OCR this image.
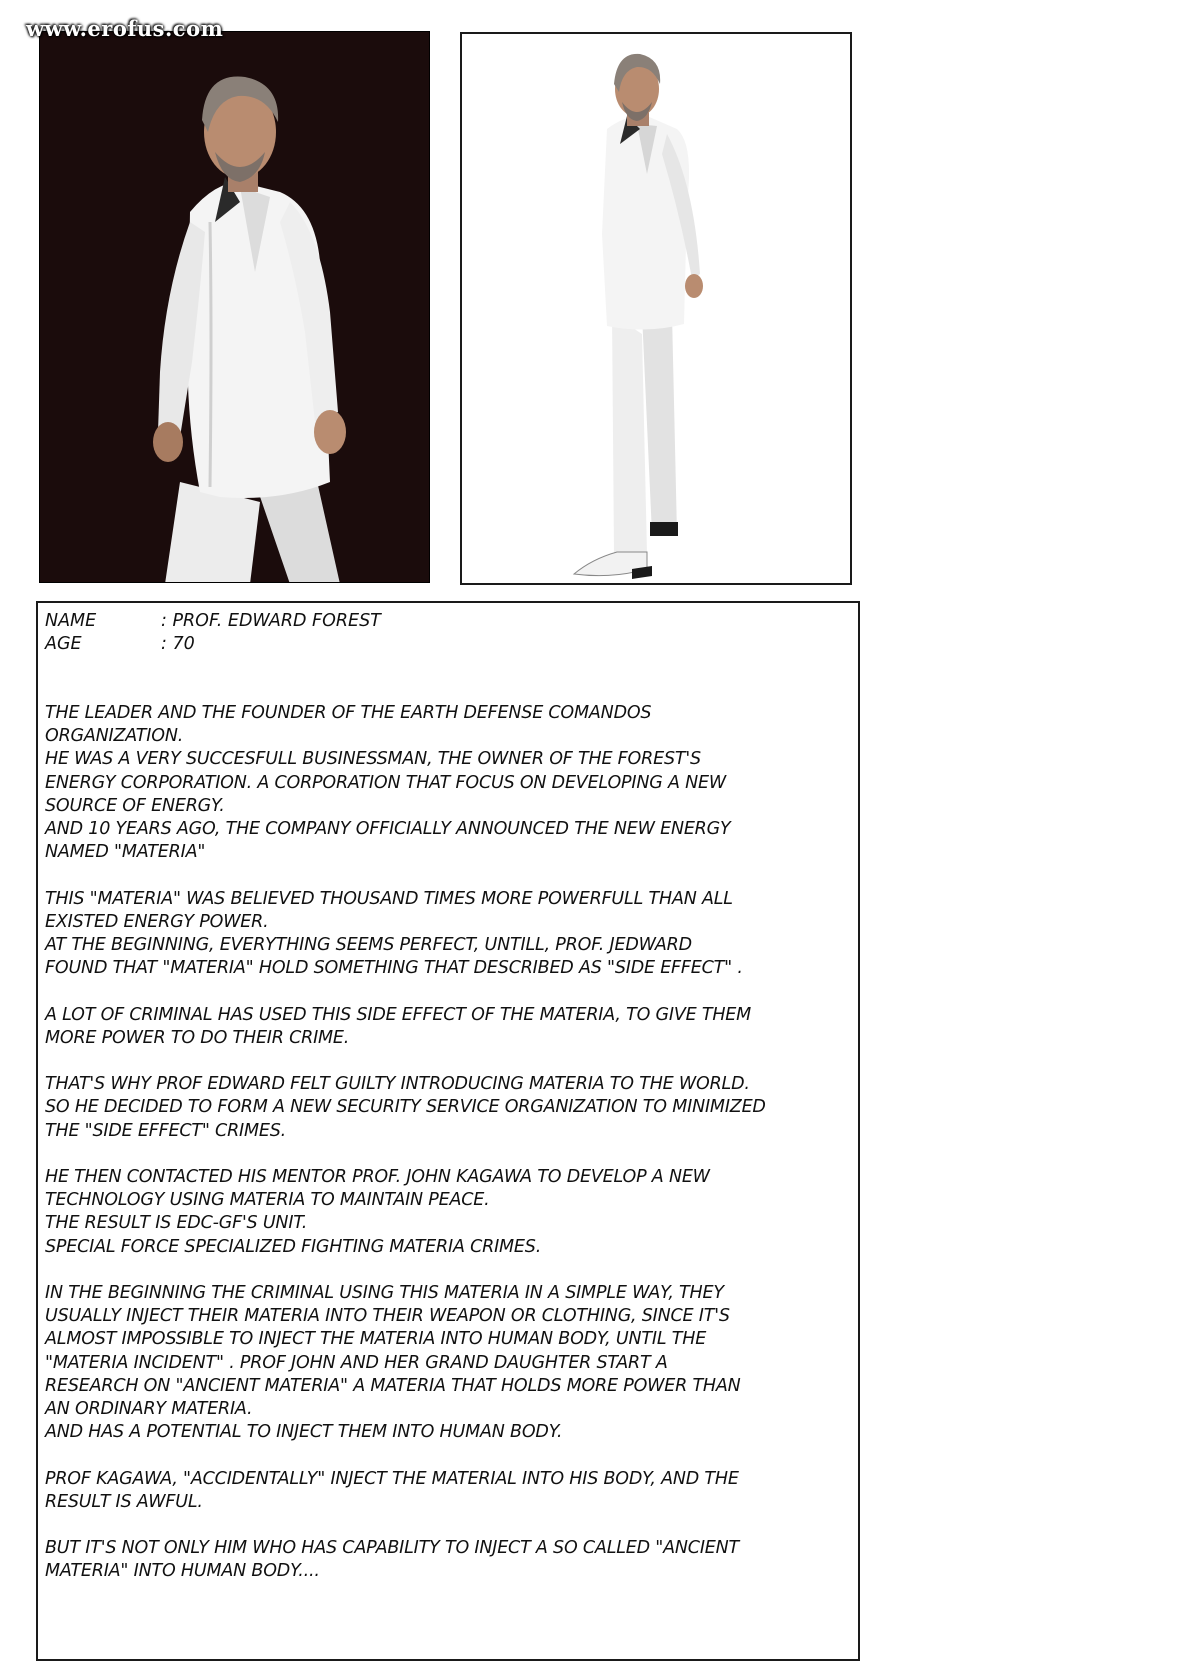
www.erofus.com
NAME	: PROF. EDWARD FOREST
AGE	: 70

THE LEADER AND THE FOUNDER OF THE EARTH DEFENSE COMANDOS
ORGANIZATION.
HE WAS A VERY SUCCESFULL BUSINESSMAN, THE OWNER OF THE FOREST'S
ENERGY CORPORATION. A CORPORATION THAT FOCUS ON DEVELOPING A NEW
SOURCE OF ENERGY.
AND 10 YEARS AGO, THE COMPANY OFFICIALLY ANNOUNCED THE NEW ENERGY
NAMED "MATERIA"

THIS "MATERIA" WAS BELIEVED THOUSAND TIMES MORE POWERFULL THAN ALL
EXISTED ENERGY POWER.
AT THE BEGINNING, EVERYTHING SEEMS PERFECT, UNTILL, PROF. JEDWARD
FOUND THAT "MATERIA" HOLD SOMETHING THAT DESCRIBED AS "SIDE EFFECT" .

A LOT OF CRIMINAL HAS USED THIS SIDE EFFECT OF THE MATERIA, TO GIVE THEM
MORE POWER TO DO THEIR CRIME.

THAT'S WHY PROF EDWARD FELT GUILTY INTRODUCING MATERIA TO THE WORLD.
SO HE DECIDED TO FORM A NEW SECURITY SERVICE ORGANIZATION TO MINIMIZED
THE "SIDE EFFECT" CRIMES.

HE THEN CONTACTED HIS MENTOR PROF. JOHN KAGAWA TO DEVELOP A NEW
TECHNOLOGY USING MATERIA TO MAINTAIN PEACE.
THE RESULT IS EDC-GF'S UNIT.
SPECIAL FORCE SPECIALIZED FIGHTING MATERIA CRIMES.

IN THE BEGINNING THE CRIMINAL USING THIS MATERIA IN A SIMPLE WAY, THEY
USUALLY INJECT THEIR MATERIA INTO THEIR WEAPON OR CLOTHING, SINCE IT'S
ALMOST IMPOSSIBLE TO INJECT THE MATERIA INTO HUMAN BODY, UNTIL THE
"MATERIA INCIDENT" . PROF JOHN AND HER GRAND DAUGHTER START A
RESEARCH ON "ANCIENT MATERIA" A MATERIA THAT HOLDS MORE POWER THAN
AN ORDINARY MATERIA.
AND HAS A POTENTIAL TO INJECT THEM INTO HUMAN BODY.

PROF KAGAWA, "ACCIDENTALLY" INJECT THE MATERIAL INTO HIS BODY, AND THE
RESULT IS AWFUL.

BUT IT'S NOT ONLY HIM WHO HAS CAPABILITY TO INJECT A SO CALLED "ANCIENT
MATERIA" INTO HUMAN BODY....
